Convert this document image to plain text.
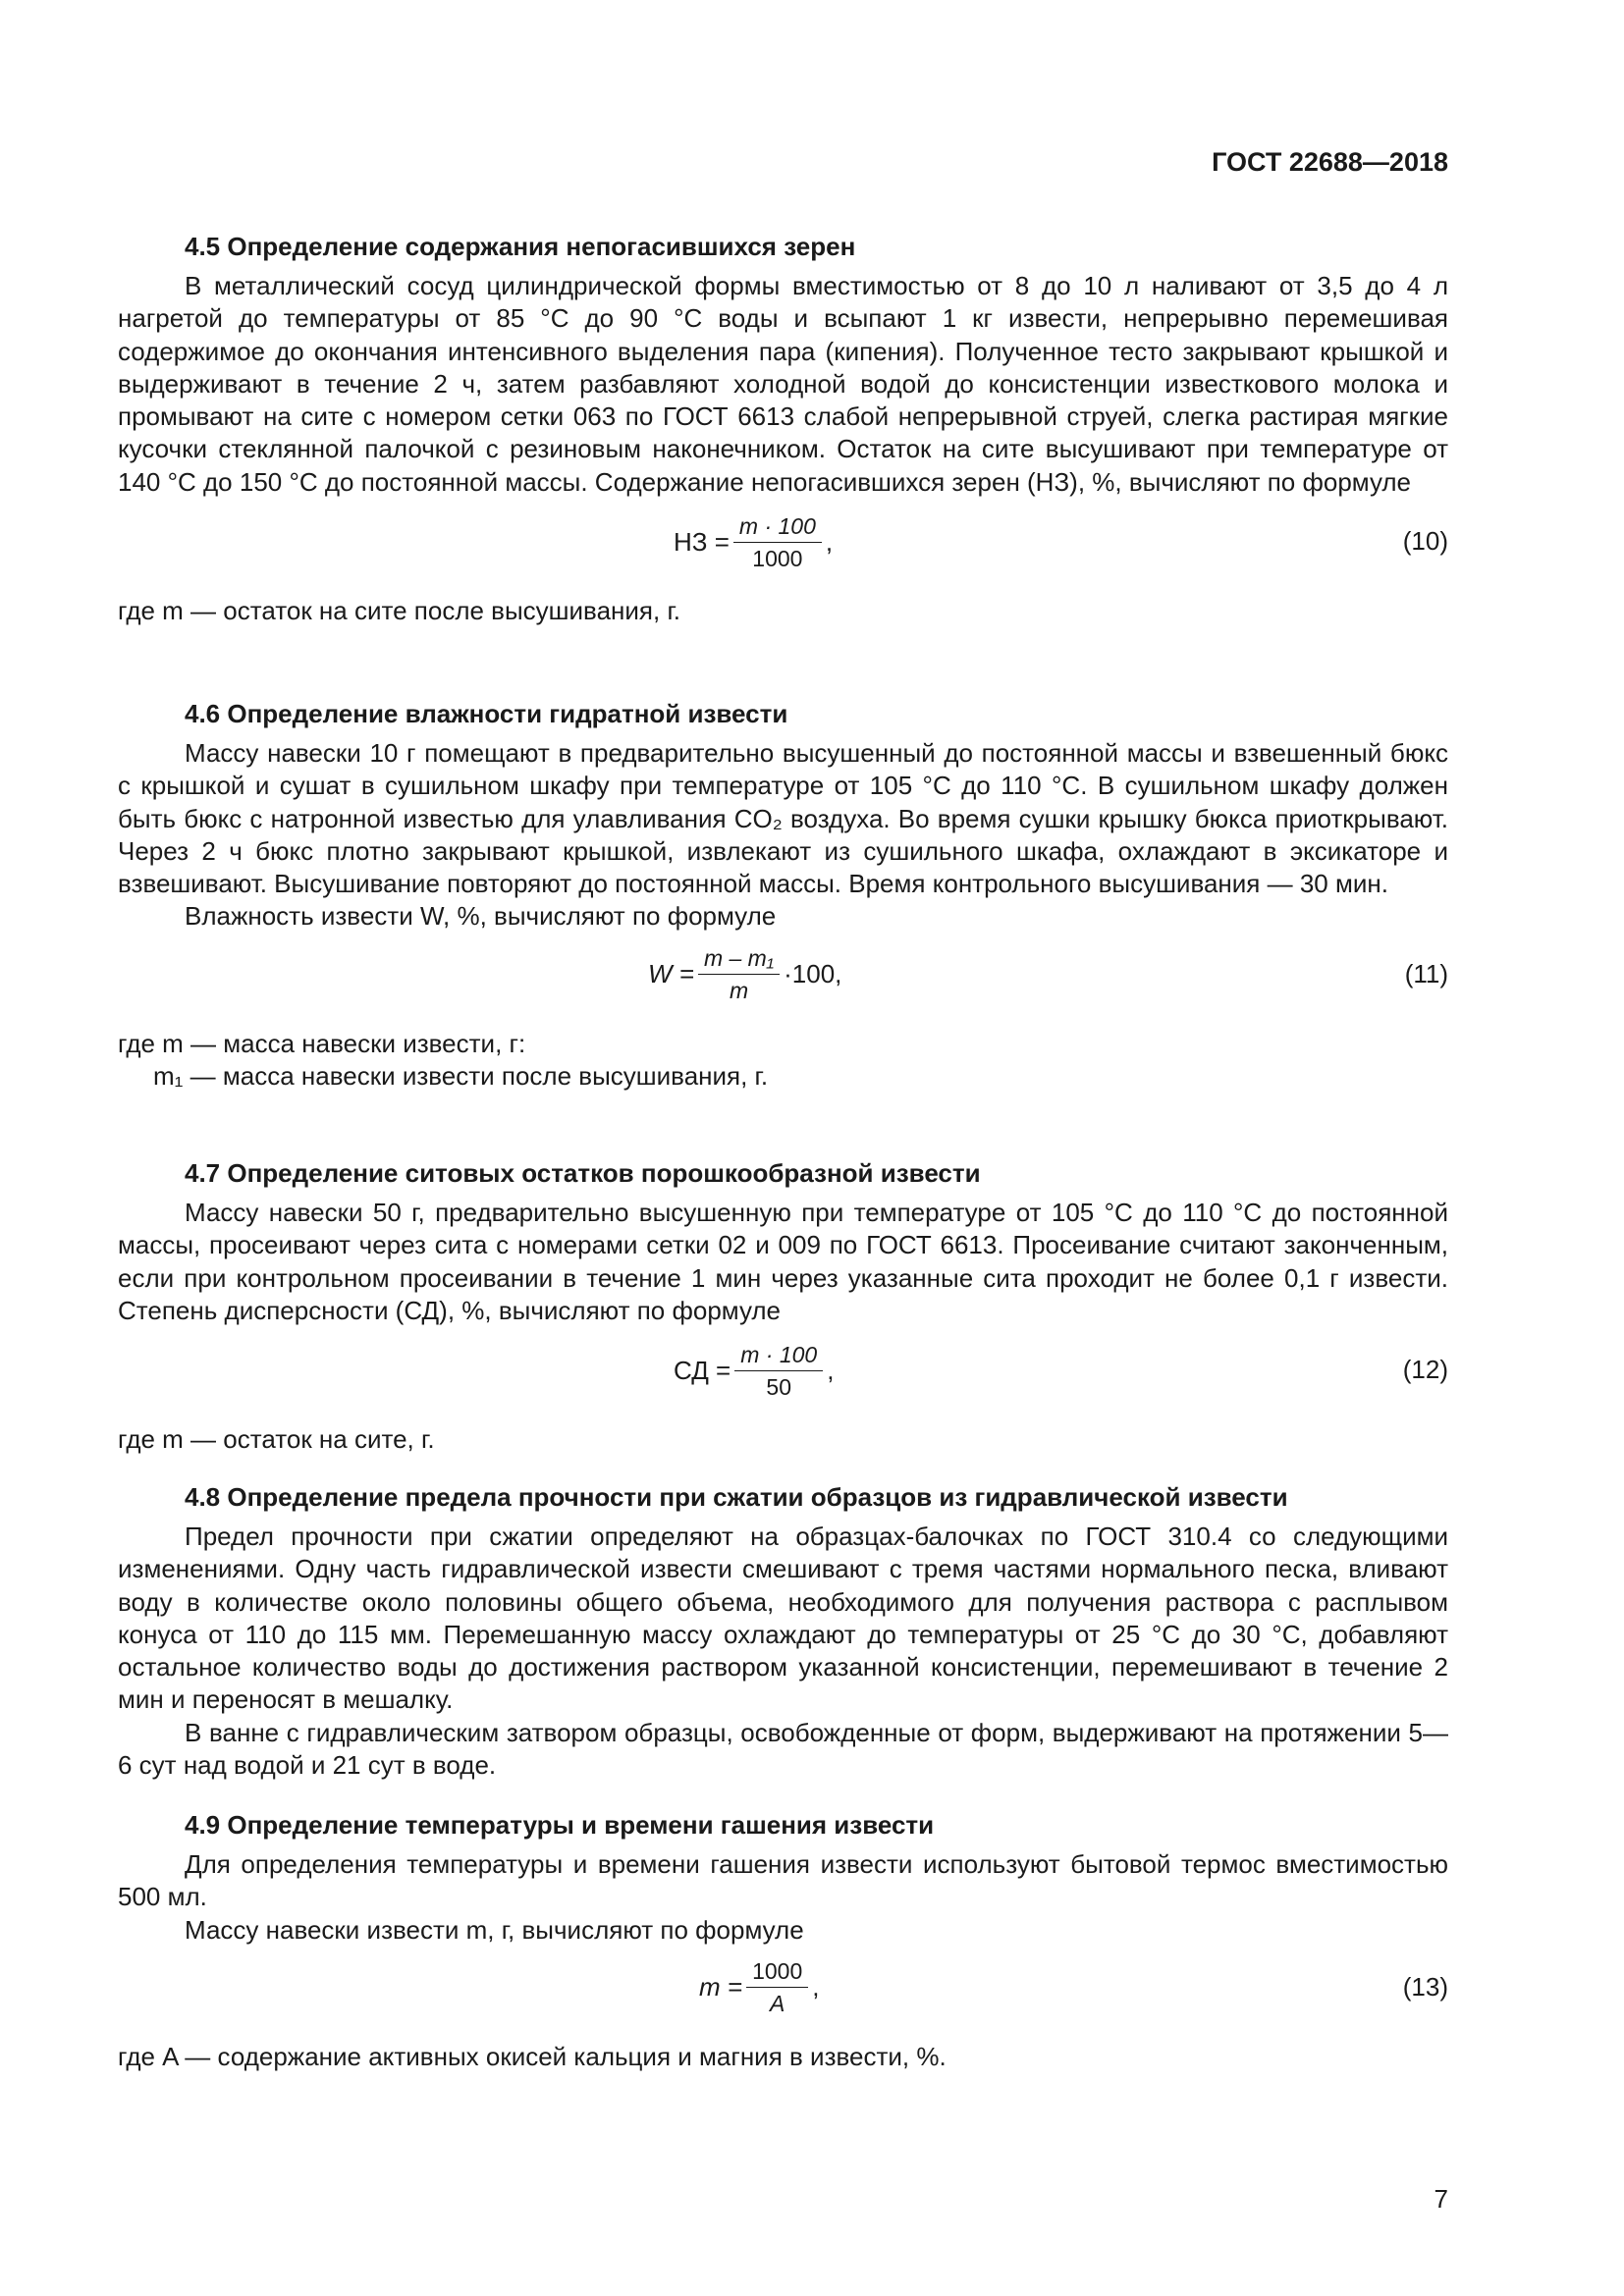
ГОСТ 22688—2018
4.5 Определение содержания непогасившихся зерен

В металлический сосуд цилиндрической формы вместимостью от 8 до 10 л наливают от 3,5 до 4 л нагретой до температуры от 85 °С до 90 °С воды и всыпают 1 кг извести, непрерывно перемешивая содержимое до окончания интенсивного выделения пара (кипения). Полученное тесто закрывают крышкой и выдерживают в течение 2 ч, затем разбавляют холодной водой до консистенции известкового молока и промывают на сите с номером сетки 063 по ГОСТ 6613 слабой непрерывной струей, слегка растирая мягкие кусочки стеклянной палочкой с резиновым наконечником. Остаток на сите высушивают при температуре от 140 °С до 150 °С до постоянной массы. Содержание непогасившихся зерен (НЗ), %, вычисляют по формуле

НЗ = $\frac{m \cdot 100}{1000}$ ,	(10)

где m — остаток на сите после высушивания, г.

4.6 Определение влажности гидратной извести

Массу навески 10 г помещают в предварительно высушенный до постоянной массы и взвешенный бюкс с крышкой и сушат в сушильном шкафу при температуре от 105 °С до 110 °С. В сушильном шкафу должен быть бюкс с натронной известью для улавливания CO₂ воздуха. Во время сушки крышку бюкса приоткрывают. Через 2 ч бюкс плотно закрывают крышкой, извлекают из сушильного шкафа, охлаждают в эксикаторе и взвешивают. Высушивание повторяют до постоянной массы. Время контрольного высушивания — 30 мин.

Влажность извести W, %, вычисляют по формуле

$W = \frac{\text{m – m₁}}{m} \cdot 100$,	(11)

где m — масса навески извести, г:

m₁ — масса навески извести после высушивания, г.

4.7 Определение ситовых остатков порошкообразной извести

Массу навески 50 г, предварительно высушенную при температуре от 105 °С до 110 °С до постоянной массы, просеивают через сита с номерами сетки 02 и 009 по ГОСТ 6613. Просеивание считают законченным, если при контрольном просеивании в течение 1 мин через указанные сита проходит не более 0,1 г извести. Степень дисперсности (СД), %, вычисляют по формуле

СД = $\frac{m \cdot 100}{50}$ ,	(12)

где m — остаток на сите, г.

4.8 Определение предела прочности при сжатии образцов из гидравлической извести

Предел прочности при сжатии определяют на образцах-балочках по ГОСТ 310.4 со следующими изменениями. Одну часть гидравлической извести смешивают с тремя частями нормального песка, вливают воду в количестве около половины общего объема, необходимого для получения раствора с расплывом конуса от 110 до 115 мм. Перемешанную массу охлаждают до температуры от 25 °С до 30 °С, добавляют остальное количество воды до достижения раствором указанной консистенции, перемешивают в течение 2 мин и переносят в мешалку.

В ванне с гидравлическим затвором образцы, освобожденные от форм, выдерживают на протяжении 5—6 сут над водой и 21 сут в воде.

4.9 Определение температуры и времени гашения извести

Для определения температуры и времени гашения извести используют бытовой термос вместимостью 500 мл.

Массу навески извести m, г, вычисляют по формуле

$m = \frac{1000}{A}$ ,	(13)

где A — содержание активных окисей кальция и магния в извести, %.

7
